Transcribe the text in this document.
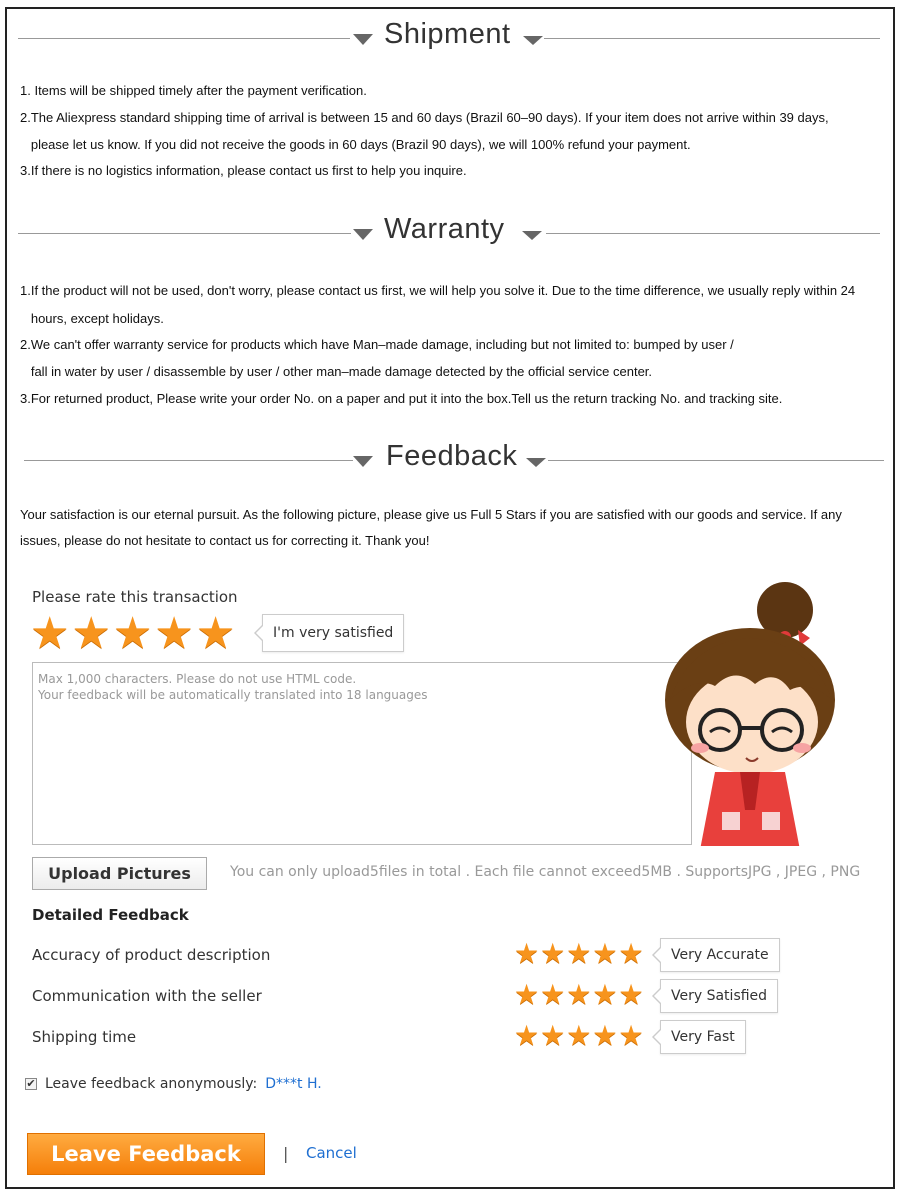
Shipment
1. Items will be shipped timely after the payment verification.
2.The Aliexpress standard shipping time of arrival is between 15 and 60 days (Brazil 60–90 days). If your item does not arrive within 39 days,
please let us know. If you did not receive the goods in 60 days (Brazil 90 days), we will 100% refund your payment.
3.If there is no logistics information, please contact us first to help you inquire.
Warranty
1.If the product will not be used, don't worry, please contact us first, we will help you solve it. Due to the time difference, we usually reply within 24
hours, except holidays.
2.We can't offer warranty service for products which have Man–made damage, including but not limited to: bumped by user /
fall in water by user / disassemble by user / other man–made damage detected by the official service center.
3.For returned product, Please write your order No. on a paper and put it into the box.Tell us the return tracking No. and tracking site.
Feedback
Your satisfaction is our eternal pursuit. As the following picture, please give us Full 5 Stars if you are satisfied with our goods and service. If any
issues, please do not hesitate to contact us for correcting it. Thank you!
Please rate this transaction
★ ★ ★ ★ ★	I'm very satisfied
Max 1,000 characters. Please do not use HTML code.
Your feedback will be automatically translated into 18 languages
Upload Pictures	You can only upload5files in total . Each file cannot exceed5MB . SupportsJPG , JPEG , PNG
Detailed Feedback
Accuracy of product description	★ ★ ★ ★ ★	Very Accurate
Communication with the seller	★ ★ ★ ★ ★	Very Satisfied
Shipping time	★ ★ ★ ★ ★	Very Fast
✔ Leave feedback anonymously: D***t H.
Leave Feedback	| Cancel
